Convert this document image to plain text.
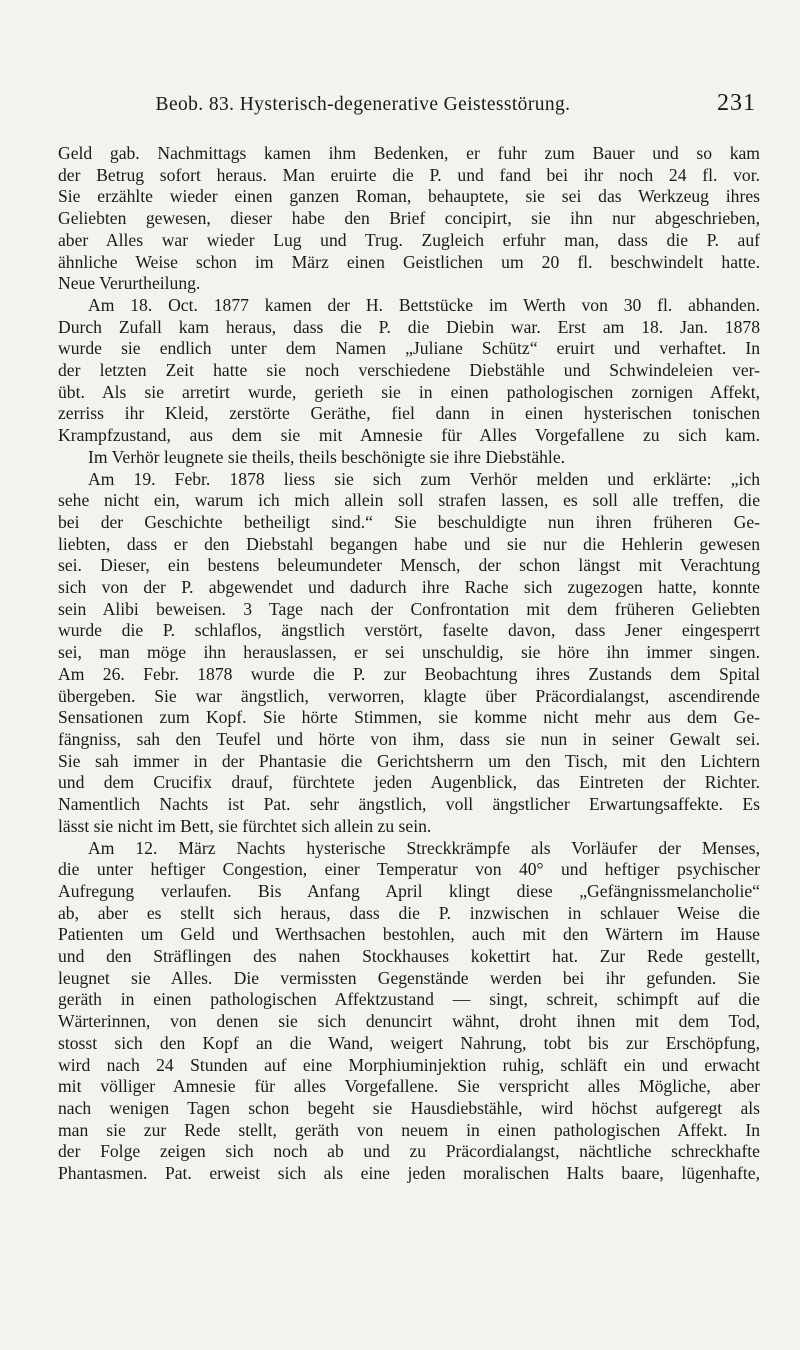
Beob. 83. Hysterisch-degenerative Geistesstörung.	231

Geld gab. Nachmittags kamen ihm Bedenken, er fuhr zum Bauer und so kam

der Betrug sofort heraus. Man eruirte die P. und fand bei ihr noch 24 fl. vor.

Sie erzählte wieder einen ganzen Roman, behauptete, sie sei das Werkzeug ihres

Geliebten gewesen, dieser habe den Brief concipirt, sie ihn nur abgeschrieben,

aber Alles war wieder Lug und Trug. Zugleich erfuhr man, dass die P. auf

ähnliche Weise schon im März einen Geistlichen um 20 fl. beschwindelt hatte.

Neue Verurtheilung.

Am 18. Oct. 1877 kamen der H. Bettstücke im Werth von 30 fl. abhanden.

Durch Zufall kam heraus, dass die P. die Diebin war. Erst am 18. Jan. 1878

wurde sie endlich unter dem Namen „Juliane Schütz“ eruirt und verhaftet. In

der letzten Zeit hatte sie noch verschiedene Diebstähle und Schwindeleien ver-

übt. Als sie arretirt wurde, gerieth sie in einen pathologischen zornigen Affekt,

zerriss ihr Kleid, zerstörte Geräthe, fiel dann in einen hysterischen tonischen

Krampfzustand, aus dem sie mit Amnesie für Alles Vorgefallene zu sich kam.

Im Verhör leugnete sie theils, theils beschönigte sie ihre Diebstähle.

Am 19. Febr. 1878 liess sie sich zum Verhör melden und erklärte: „ich

sehe nicht ein, warum ich mich allein soll strafen lassen, es soll alle treffen, die

bei der Geschichte betheiligt sind.“ Sie beschuldigte nun ihren früheren Ge-

liebten, dass er den Diebstahl begangen habe und sie nur die Hehlerin gewesen

sei. Dieser, ein bestens beleumundeter Mensch, der schon längst mit Verachtung

sich von der P. abgewendet und dadurch ihre Rache sich zugezogen hatte, konnte

sein Alibi beweisen. 3 Tage nach der Confrontation mit dem früheren Geliebten

wurde die P. schlaflos, ängstlich verstört, faselte davon, dass Jener eingesperrt

sei, man möge ihn herauslassen, er sei unschuldig, sie höre ihn immer singen.

Am 26. Febr. 1878 wurde die P. zur Beobachtung ihres Zustands dem Spital

übergeben. Sie war ängstlich, verworren, klagte über Präcordialangst, ascendirende

Sensationen zum Kopf. Sie hörte Stimmen, sie komme nicht mehr aus dem Ge-

fängniss, sah den Teufel und hörte von ihm, dass sie nun in seiner Gewalt sei.

Sie sah immer in der Phantasie die Gerichtsherrn um den Tisch, mit den Lichtern

und dem Crucifix drauf, fürchtete jeden Augenblick, das Eintreten der Richter.

Namentlich Nachts ist Pat. sehr ängstlich, voll ängstlicher Erwartungsaffekte. Es

lässt sie nicht im Bett, sie fürchtet sich allein zu sein.

Am 12. März Nachts hysterische Streckkrämpfe als Vorläufer der Menses,

die unter heftiger Congestion, einer Temperatur von 40° und heftiger psychischer

Aufregung verlaufen. Bis Anfang April klingt diese „Gefängnissmelancholie“

ab, aber es stellt sich heraus, dass die P. inzwischen in schlauer Weise die

Patienten um Geld und Werthsachen bestohlen, auch mit den Wärtern im Hause

und den Sträflingen des nahen Stockhauses kokettirt hat. Zur Rede gestellt,

leugnet sie Alles. Die vermissten Gegenstände werden bei ihr gefunden. Sie

geräth in einen pathologischen Affektzustand — singt, schreit, schimpft auf die

Wärterinnen, von denen sie sich denuncirt wähnt, droht ihnen mit dem Tod,

stosst sich den Kopf an die Wand, weigert Nahrung, tobt bis zur Erschöpfung,

wird nach 24 Stunden auf eine Morphiuminjektion ruhig, schläft ein und erwacht

mit völliger Amnesie für alles Vorgefallene. Sie verspricht alles Mögliche, aber

nach wenigen Tagen schon begeht sie Hausdiebstähle, wird höchst aufgeregt als

man sie zur Rede stellt, geräth von neuem in einen pathologischen Affekt. In

der Folge zeigen sich noch ab und zu Präcordialangst, nächtliche schreckhafte

Phantasmen. Pat. erweist sich als eine jeden moralischen Halts baare, lügenhafte,
